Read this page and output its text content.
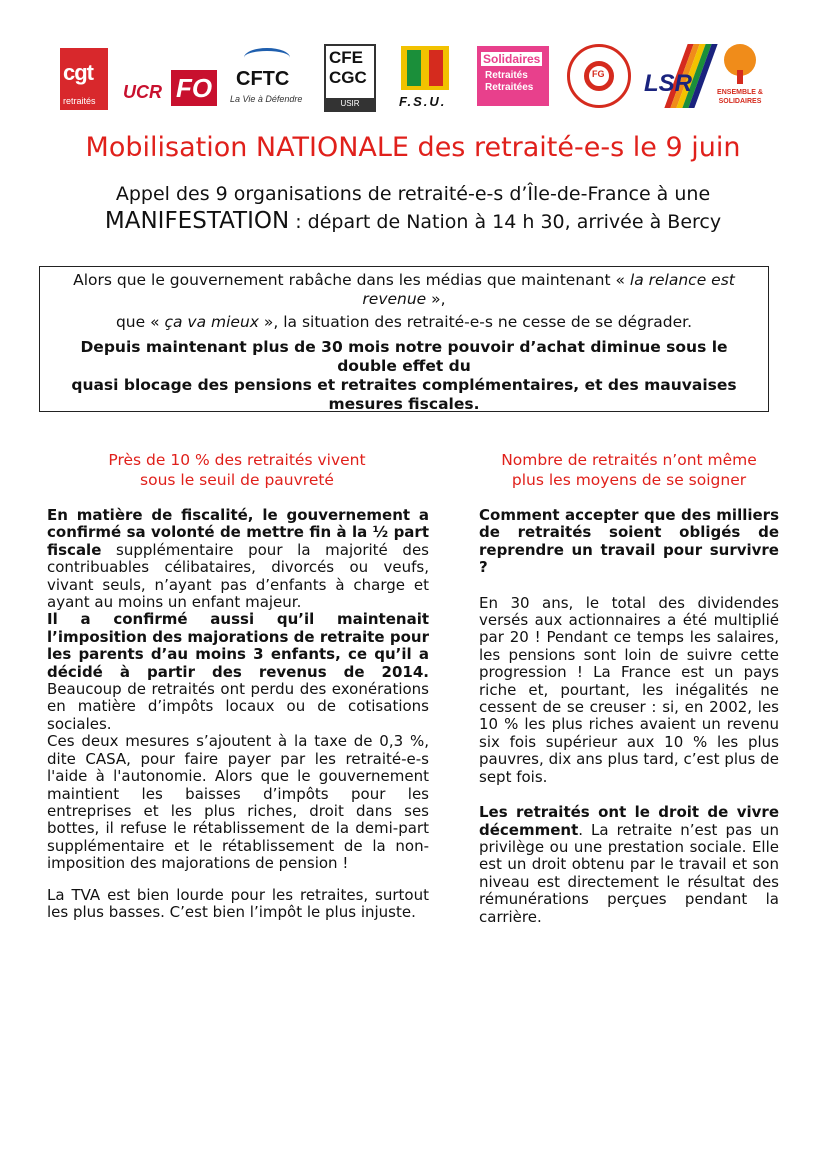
cgt
retraités UCR FO CFTC
La Vie à Défendre
CFE
CGC
USIR	F.S.U.
Solidaires
Retraités Retraitées
FG LSR	ENSEMBLE & SOLIDAIRES
Mobilisation NATIONALE des retraité-e-s le 9 juin
Appel des 9 organisations de retraité-e-s d’Île-de-France à une
MANIFESTATION : départ de Nation à 14 h 30, arrivée à Bercy
Alors que le gouvernement rabâche dans les médias que maintenant « la relance est revenue »,
que « ça va mieux », la situation des retraité-e-s ne cesse de se dégrader.
Depuis maintenant plus de 30 mois notre pouvoir d’achat diminue sous le double effet du
quasi blocage des pensions et retraites complémentaires, et des mauvaises mesures fiscales.
Près de 10 % des retraités vivent
sous le seuil de pauvreté

En matière de fiscalité, le gouvernement a confirmé sa volonté de mettre fin à la ½ part fiscale supplémentaire pour la majorité des contribuables célibataires, divorcés ou veufs, vivant seuls, n’ayant pas d’enfants à charge et ayant au moins un enfant majeur.

Il a confirmé aussi qu’il maintenait l’imposition des majorations de retraite pour les parents d’au moins 3 enfants, ce qu’il a décidé à partir des revenus de 2014. Beaucoup de retraités ont perdu des exonérations en matière d’impôts locaux ou de cotisations sociales.

Ces deux mesures s’ajoutent à la taxe de 0,3 %, dite CASA, pour faire payer par les retraité-e-s l'aide à l'autonomie. Alors que le gouvernement maintient les baisses d’impôts pour les entreprises et les plus riches, droit dans ses bottes, il refuse le rétablissement de la demi-part supplémentaire et le rétablissement de la non-imposition des majorations de pension !

La TVA est bien lourde pour les retraites, surtout les plus basses. C’est bien l’impôt le plus injuste.

Nombre de retraités n’ont même
plus les moyens de se soigner

Comment accepter que des milliers de retraités soient obligés de reprendre un travail pour survivre ?

En 30 ans, le total des dividendes versés aux actionnaires a été multiplié par 20 ! Pendant ce temps les salaires, les pensions sont loin de suivre cette progression ! La France est un pays riche et, pourtant, les inégalités ne cessent de se creuser : si, en 2002, les 10 % les plus riches avaient un revenu six fois supérieur aux 10 % les plus pauvres, dix ans plus tard, c’est plus de sept fois.

Les retraités ont le droit de vivre décemment. La retraite n’est pas un privilège ou une prestation sociale. Elle est un droit obtenu par le travail et son niveau est directement le résultat des rémunérations perçues pendant la carrière.
